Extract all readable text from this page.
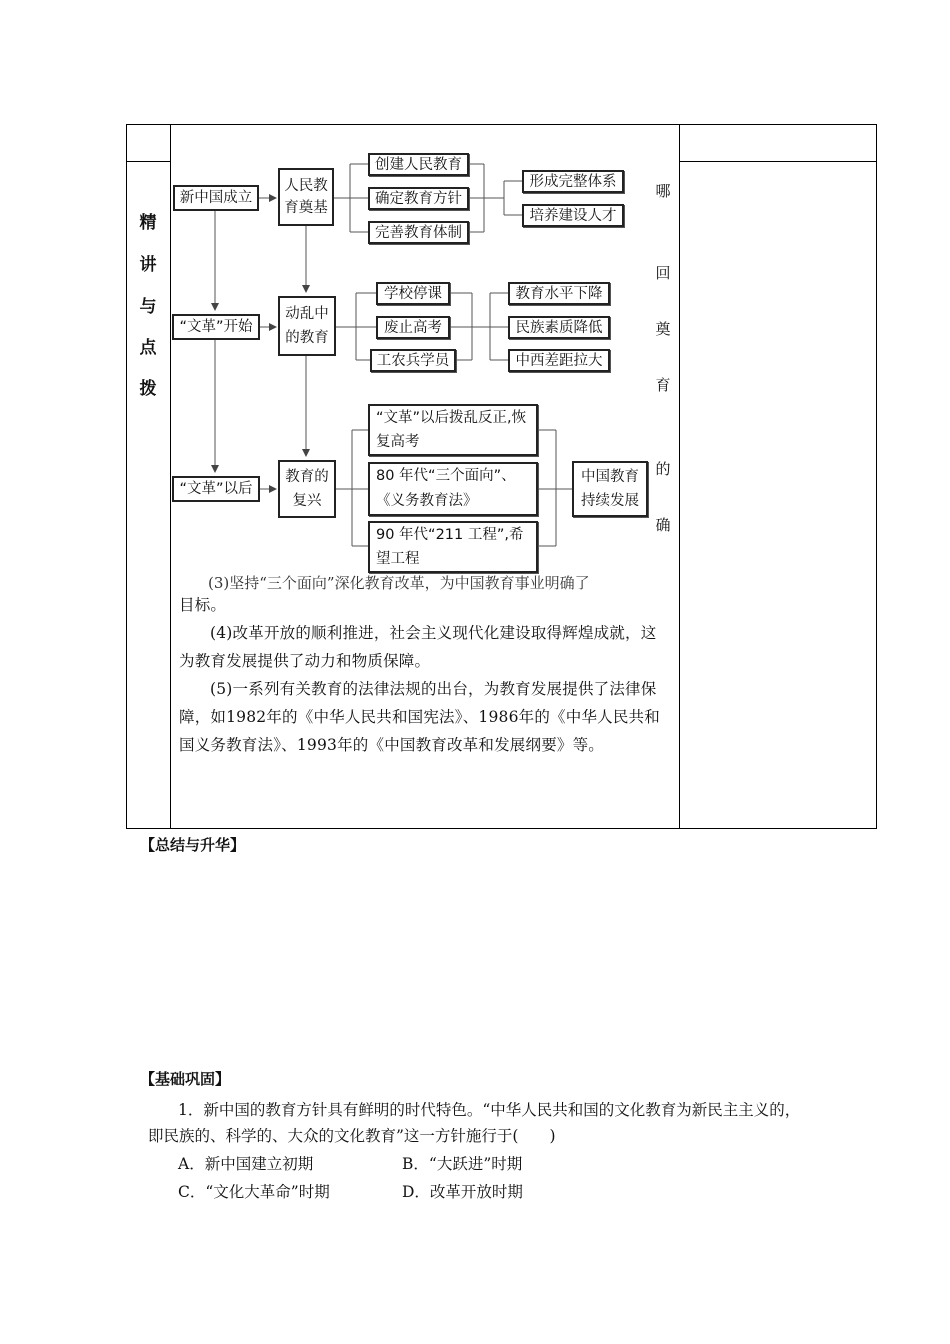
精
讲
与
点
拨
哪
回
奠
育
的
确
新中国成立
“文革”开始
“文革”以后
人民教
育奠基
动乱中
的教育
教育的
复兴
创建人民教育
确定教育方针
完善教育体制
形成完整体系
培养建设人才
学校停课
废止高考
工农兵学员
教育水平下降
民族素质降低
中西差距拉大
“文革”以后拨乱反正,恢复高考
80 年代“三个面向”、《义务教育法》
90 年代“211 工程”,希望工程
中国教育
持续发展
(3)坚持“三个面向”深化教育改革，为中国教育事业明确了
目标。
(4)改革开放的顺利推进，社会主义现代化建设取得辉煌成就，这为教育发展提供了动力和物质保障。
(5)一系列有关教育的法律法规的出台，为教育发展提供了法律保障，如1982年的《中华人民共和国宪法》、1986年的《中华人民共和国义务教育法》、1993年的《中国教育改革和发展纲要》等。
【总结与升华】
【基础巩固】
1．新中国的教育方针具有鲜明的时代特色。“中华人民共和国的文化教育为新民主主义的，即民族的、科学的、大众的文化教育”这一方针施行于(　　)
A．新中国建立初期	B．“大跃进”时期
C．“文化大革命”时期	D．改革开放时期
